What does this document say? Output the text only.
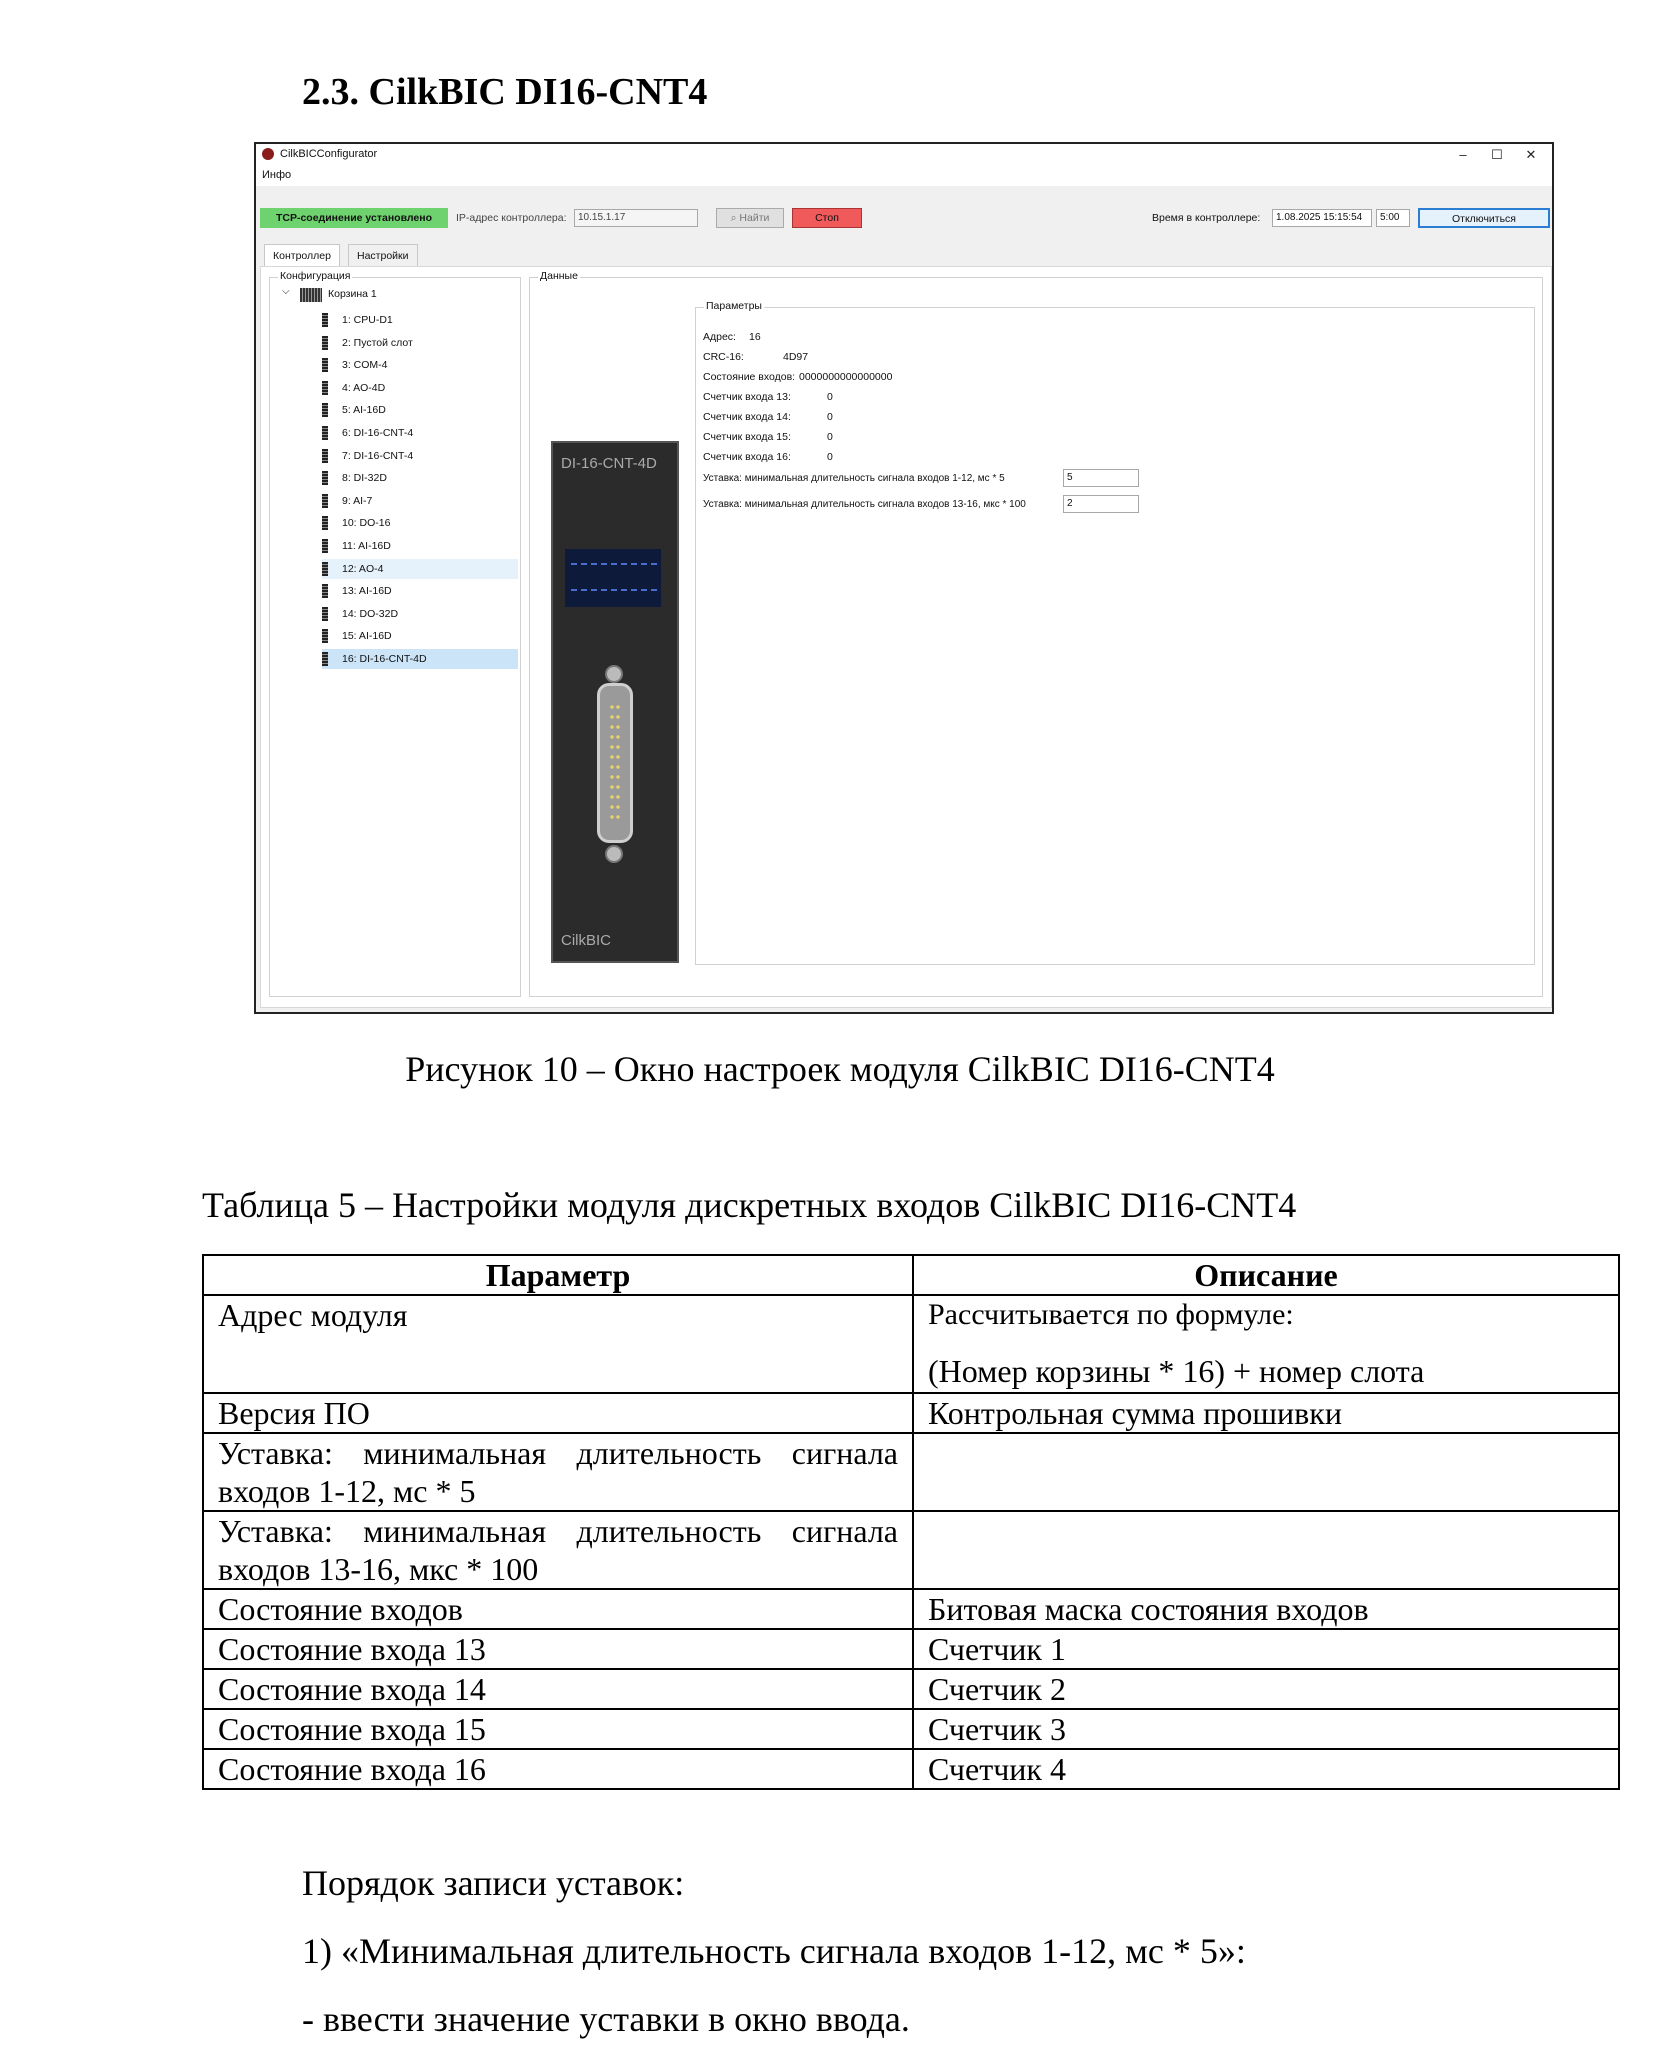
2.3. CilkBIC DI16-CNT4
CilkBICConfigurator	–	☐	✕
Инфо
TCP-соединение установлено	IP-адрес контроллера:	10.15.1.17	⌕ Найти	Стоп	Время в контроллере:	1.08.2025 15:15:54	5:00	Отключиться
Контроллер	Настройки
Конфигурация
⌵	Корзина 1
1: CPU-D1
2: Пустой слот
3: COM-4
4: AO-4D
5: AI-16D
6: DI-16-CNT-4
7: DI-16-CNT-4
8: DI-32D
9: AI-7
10: DO-16
11: AI-16D
12: AO-4
13: AI-16D
14: DO-32D
15: AI-16D
16: DI-16-CNT-4D
Данные
DI-16-CNT-4D
CilkBIC
Параметры
Адрес: 16
CRC-16:	4D97
Состояние входов: 0000000000000000
Счетчик входа 13:	0
Счетчик входа 14:	0
Счетчик входа 15:	0
Счетчик входа 16:	0
Уставка: минимальная длительность сигнала входов 1-12, мс * 5	5
Уставка: минимальная длительность сигнала входов 13-16, мкс * 100	2
Рисунок 10 – Окно настроек модуля CilkBIC DI16-CNT4
Таблица 5 – Настройки модуля дискретных входов CilkBIC DI16-CNT4
Параметр	Описание
Адрес модуля	Рассчитывается по формуле:
(Номер корзины * 16) + номер слота

Версия ПО	Контрольная сумма прошивки
Уставка: минимальная длительность сигнала входов 1-12, мс * 5	
Уставка: минимальная длительность сигнала входов 13-16, мкс * 100	
Состояние входов	Битовая маска состояния входов
Состояние входа 13	Счетчик 1
Состояние входа 14	Счетчик 2
Состояние входа 15	Счетчик 3
Состояние входа 16	Счетчик 4
Порядок записи уставок:
1) «Минимальная длительность сигнала входов 1-12, мс * 5»:
- ввести значение уставки в окно ввода.
